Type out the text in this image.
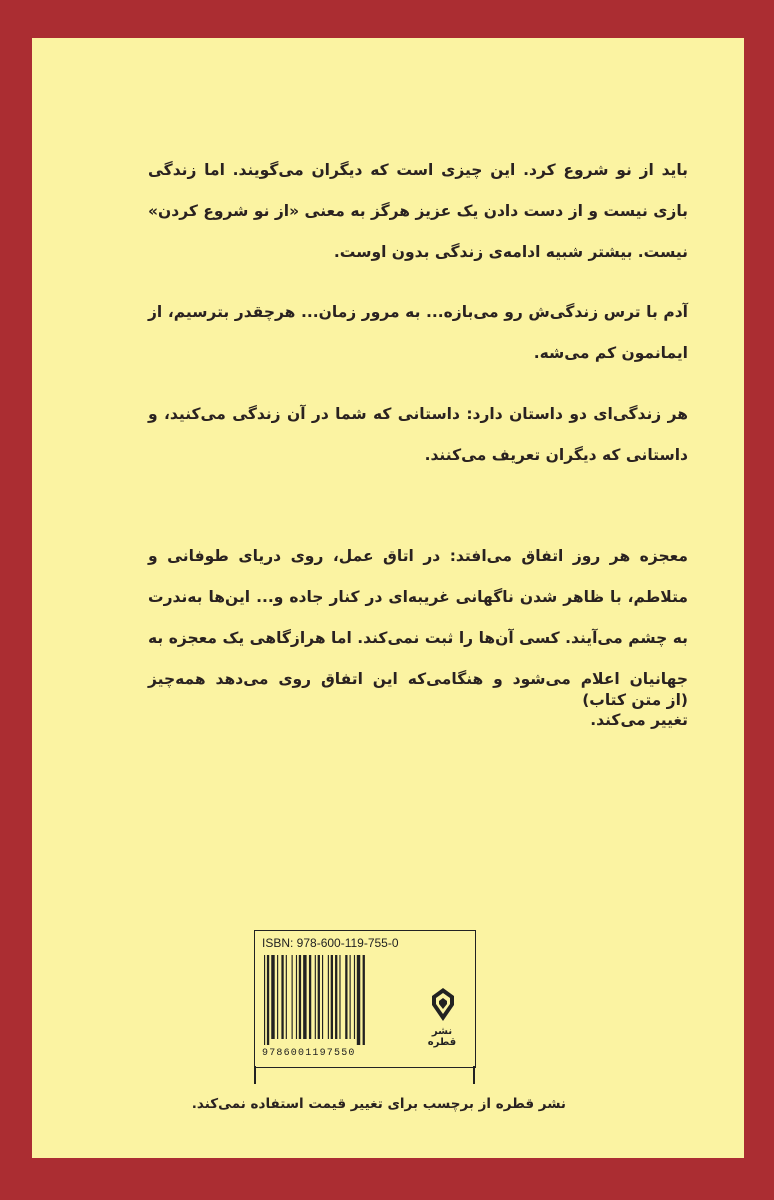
باید از نو شروع کرد. این چیزی است که دیگران می‌گویند. اما زندگی بازی نیست و از دست دادن یک عزیز هرگز به معنی «از نو شروع کردن» نیست. بیشتر شبیه ادامه‌ی زندگی بدون اوست.

آدم با ترس زندگی‌ش رو می‌بازه... به مرور زمان... هرچقدر بترسیم، از ایمانمون کم می‌شه.

هر زندگی‌ای دو داستان دارد: داستانی که شما در آن زندگی می‌کنید، و داستانی که دیگران تعریف می‌کنند.

معجزه هر روز اتفاق می‌افتد: در اتاق عمل، روی دریای طوفانی و متلاطم، با ظاهر شدن ناگهانی غریبه‌ای در کنار جاده و... این‌ها به‌ندرت به چشم می‌آیند. کسی آن‌ها را ثبت نمی‌کند. اما هرازگاهی یک معجزه به جهانیان اعلام می‌شود و هنگامی‌که این اتفاق روی می‌دهد همه‌چیز تغییر می‌کند.

(از متن کتاب)

ISBN: 978-600-119-755-0
9786001197550
نشر قطره
نشر قطره از برچسب برای تغییر قیمت استفاده نمی‌کند.
